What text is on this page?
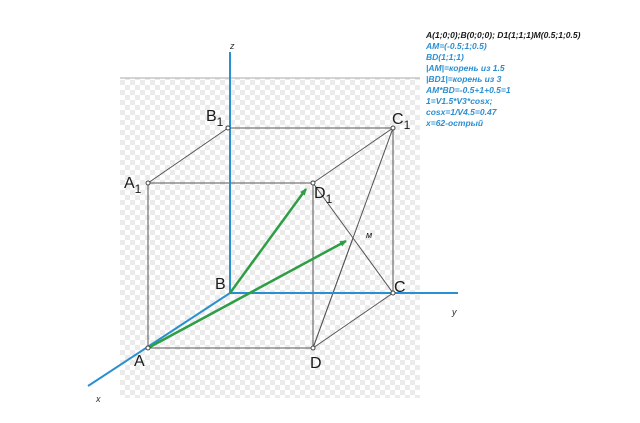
A
B	C
D
$A_1$
$B_1$	$C_1$
$D_1$
м
z
y
x
A(1;0;0);B(0;0;0); D1(1;1;1)M(0.5;1;0.5)
AM=(-0.5;1;0.5)
BD(1;1;1)
|AM|=корень из 1.5
|BD1|=корень из 3
AM*BD=-0.5+1+0.5=1
1=V1.5*V3*cosx;
cosx=1/V4.5=0.47
x=62-острый
